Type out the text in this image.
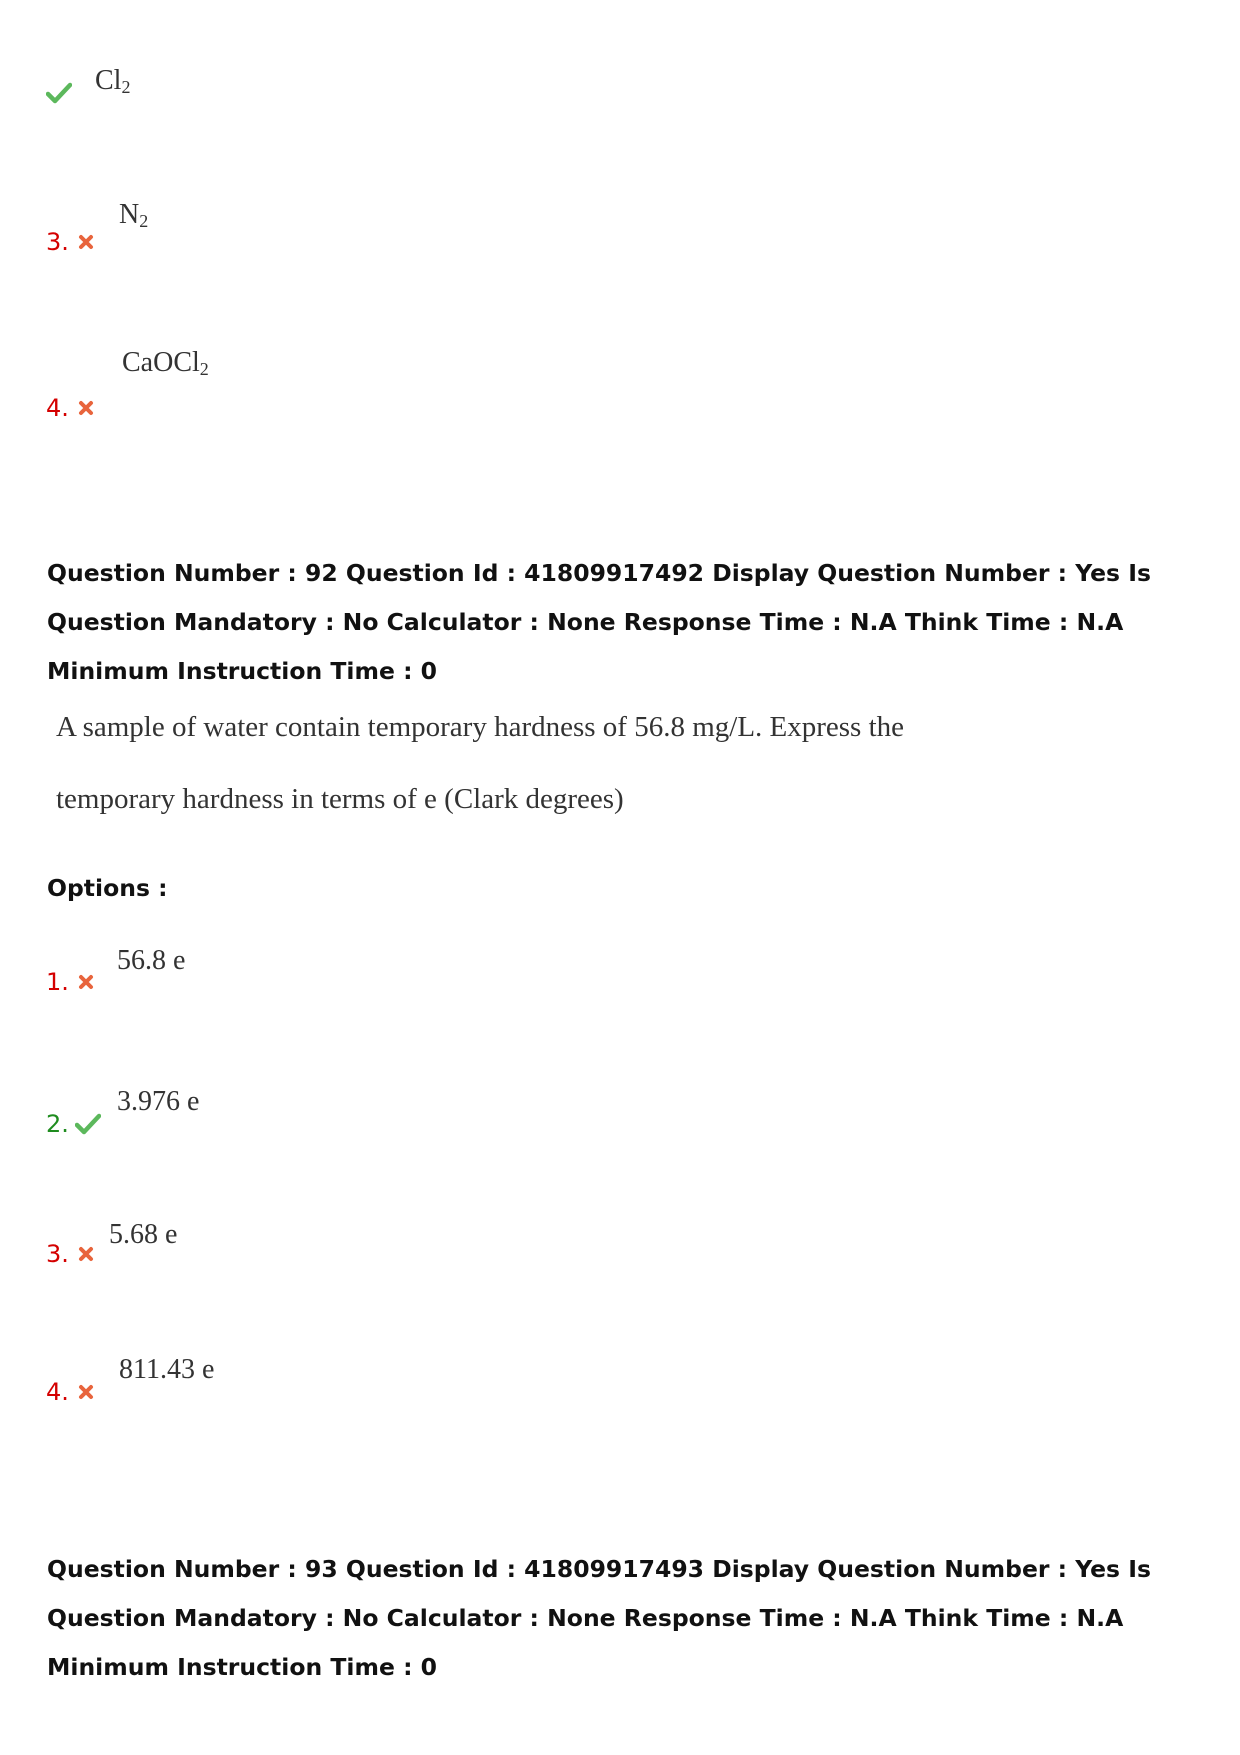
$Cl_2$
3.
$N_2$
4.
CaOCl$_2$
Question Number : 92 Question Id : 41809917492 Display Question Number : Yes Is Question Mandatory : No Calculator : None Response Time : N.A Think Time : N.A Minimum Instruction Time : 0
A sample of water contain temporary hardness of 56.8 mg/L. Express the
temporary hardness in terms of e (Clark degrees)
Options :
1.
56.8 e
2.
3.976 e
3.
5.68 e
4.
811.43 e
Question Number : 93 Question Id : 41809917493 Display Question Number : Yes Is Question Mandatory : No Calculator : None Response Time : N.A Think Time : N.A Minimum Instruction Time : 0
